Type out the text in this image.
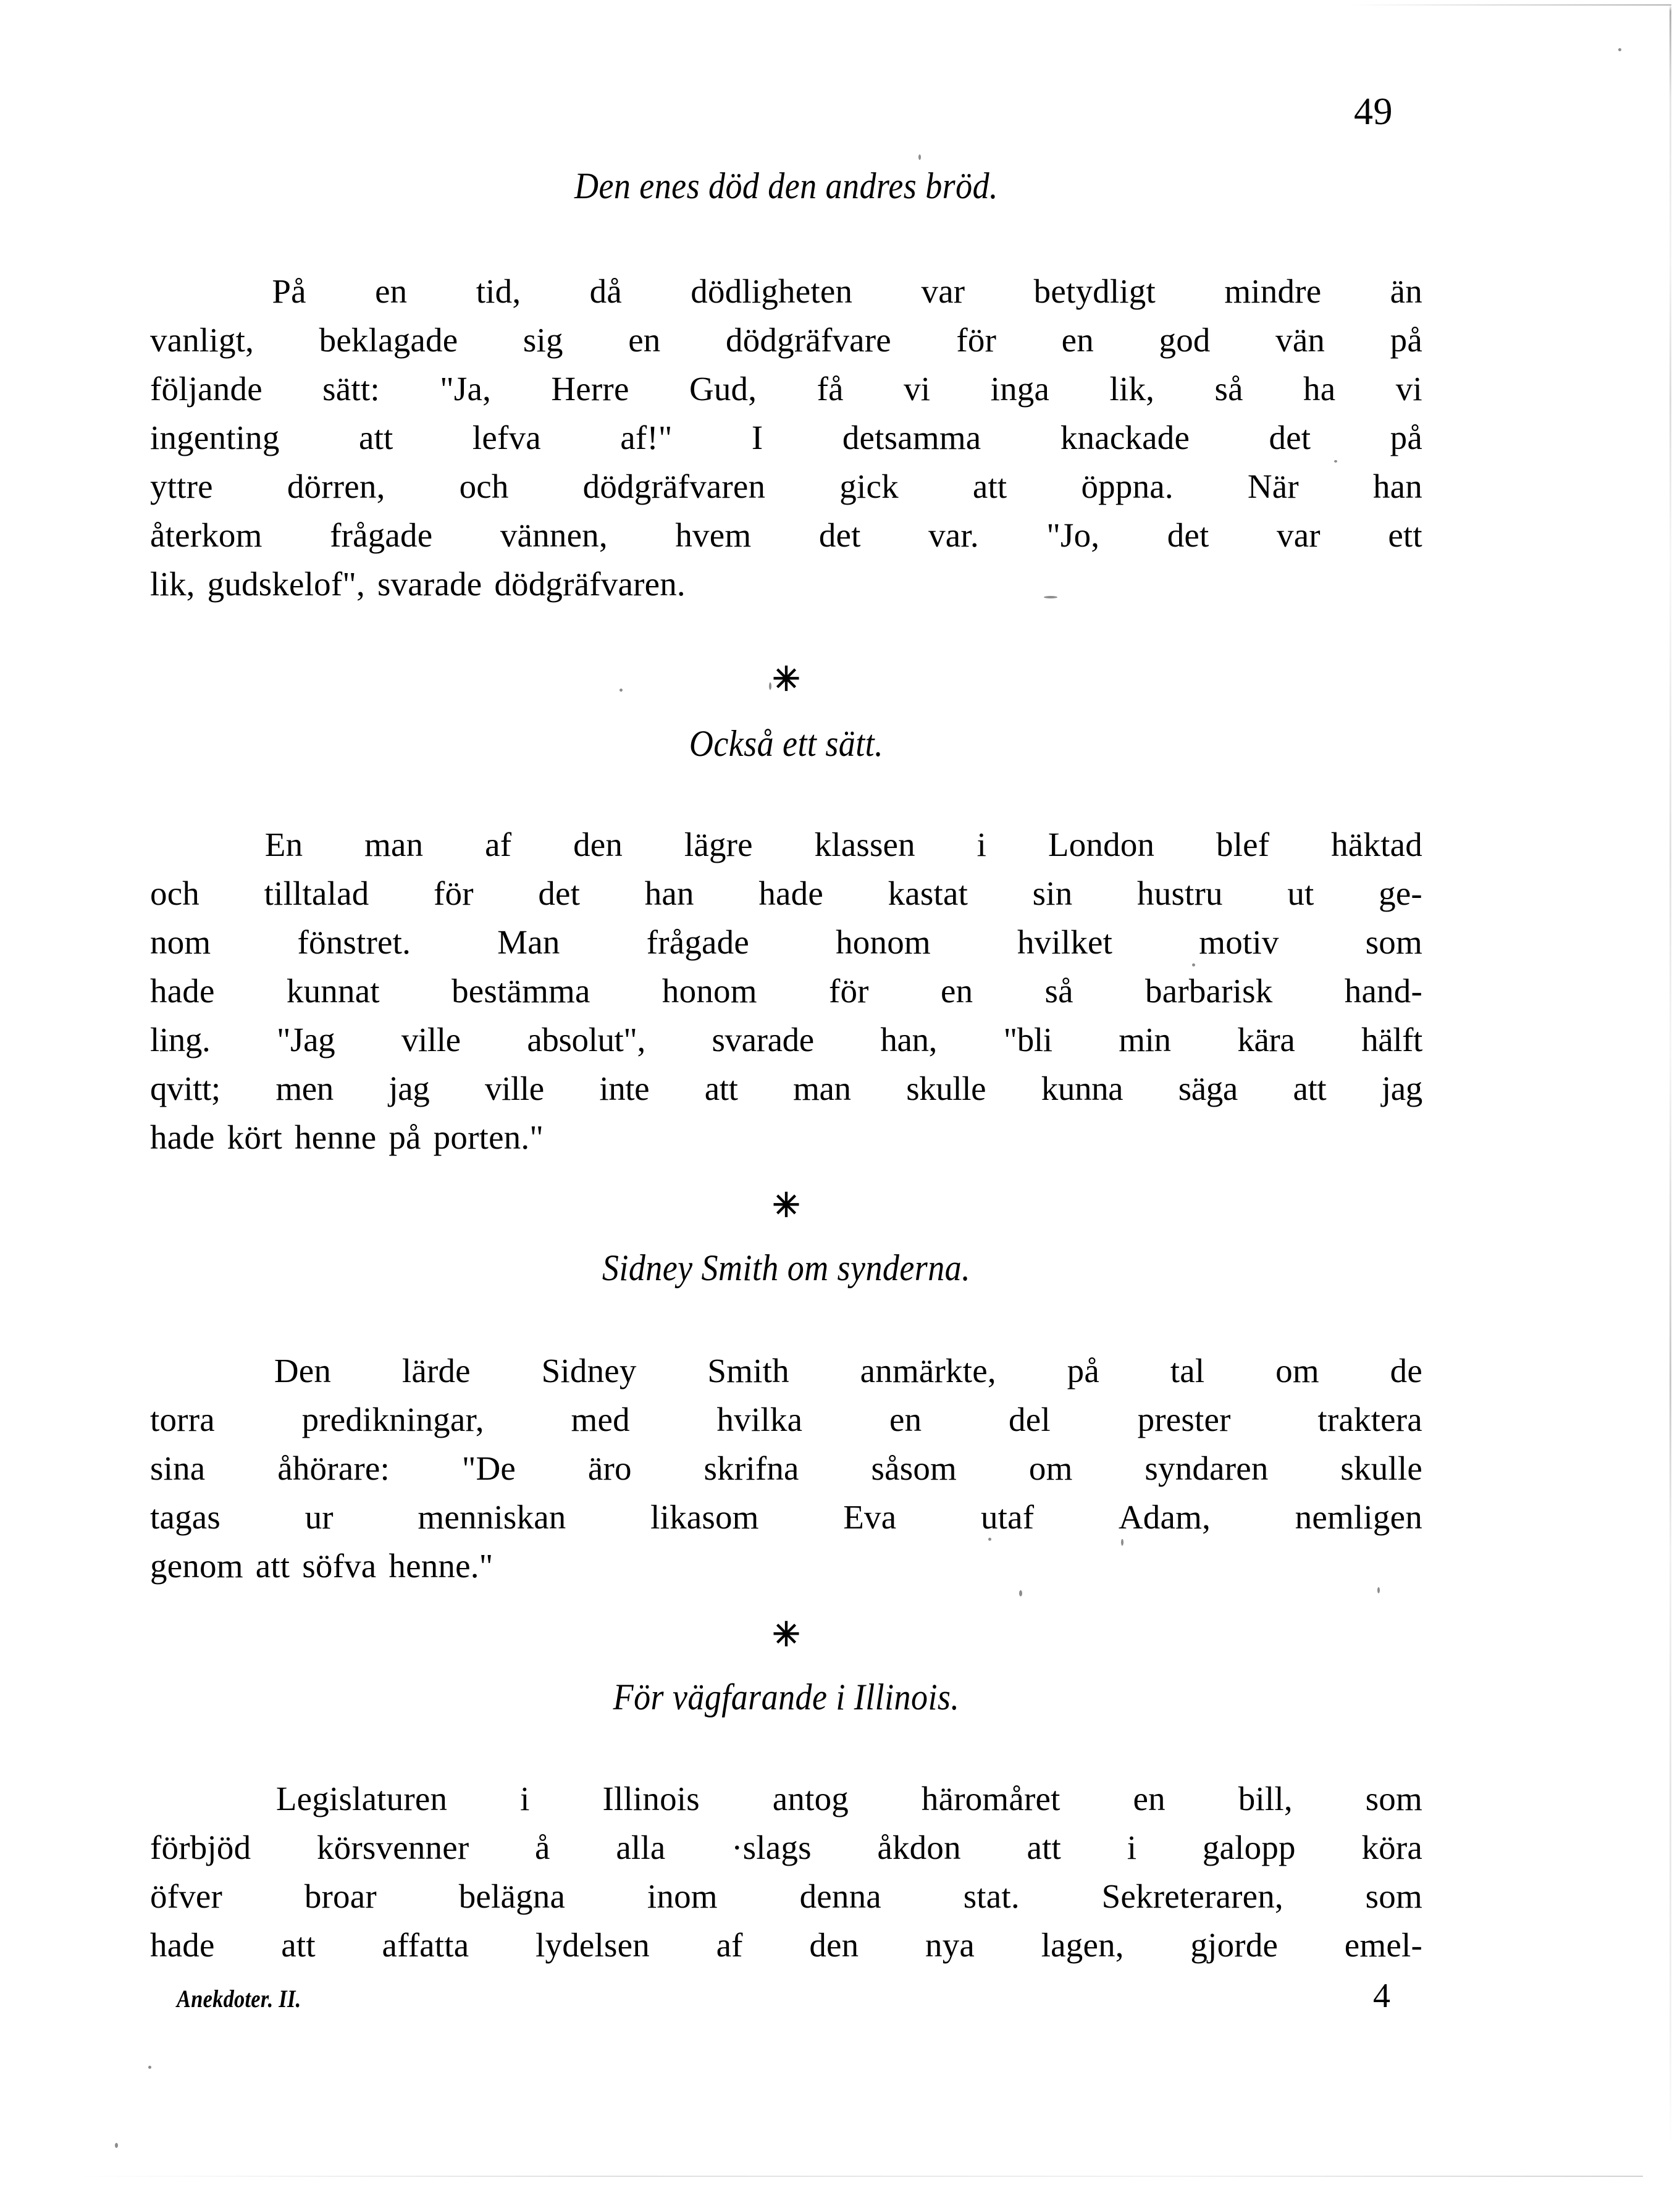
49
Den enes död den andres bröd.
På en tid, då dödligheten var betydligt mindre än
vanligt, beklagade sig en dödgräfvare för en god vän på
följande sätt: "Ja, Herre Gud, få vi inga lik, så ha vi
ingenting att lefva af!" I detsamma knackade det på
yttre dörren, och dödgräfvaren gick att öppna. När han
återkom frågade vännen, hvem det var. "Jo, det var ett
lik, gudskelof", svarade dödgräfvaren.
✳
Också ett sätt.
En man af den lägre klassen i London blef häktad
och tilltalad för det han hade kastat sin hustru ut ge-
nom	fönstret.	Man	frågade	honom	hvilket	motiv	som
hade kunnat bestämma honom för en så barbarisk hand-
ling. "Jag ville absolut", svarade han, "bli min kära hälft
qvitt; men jag ville inte att man skulle kunna säga att jag
hade kört henne på porten."
✳
Sidney Smith om synderna.
Den lärde Sidney Smith anmärkte, på tal om de
torra	predikningar,	med	hvilka	en	del	prester	traktera
sina åhörare: "De äro skrifna såsom om syndaren skulle
tagas ur menniskan likasom Eva utaf Adam, nemligen
genom att söfva henne."
✳
För vägfarande i Illinois.
Legislaturen i Illinois antog häromåret en bill, som
förbjöd körsvenner å alla ·slags åkdon att i galopp köra
öfver broar belägna inom denna stat. Sekreteraren, som
hade att affatta lydelsen af den nya lagen, gjorde emel-
Anekdoter. II.	4
